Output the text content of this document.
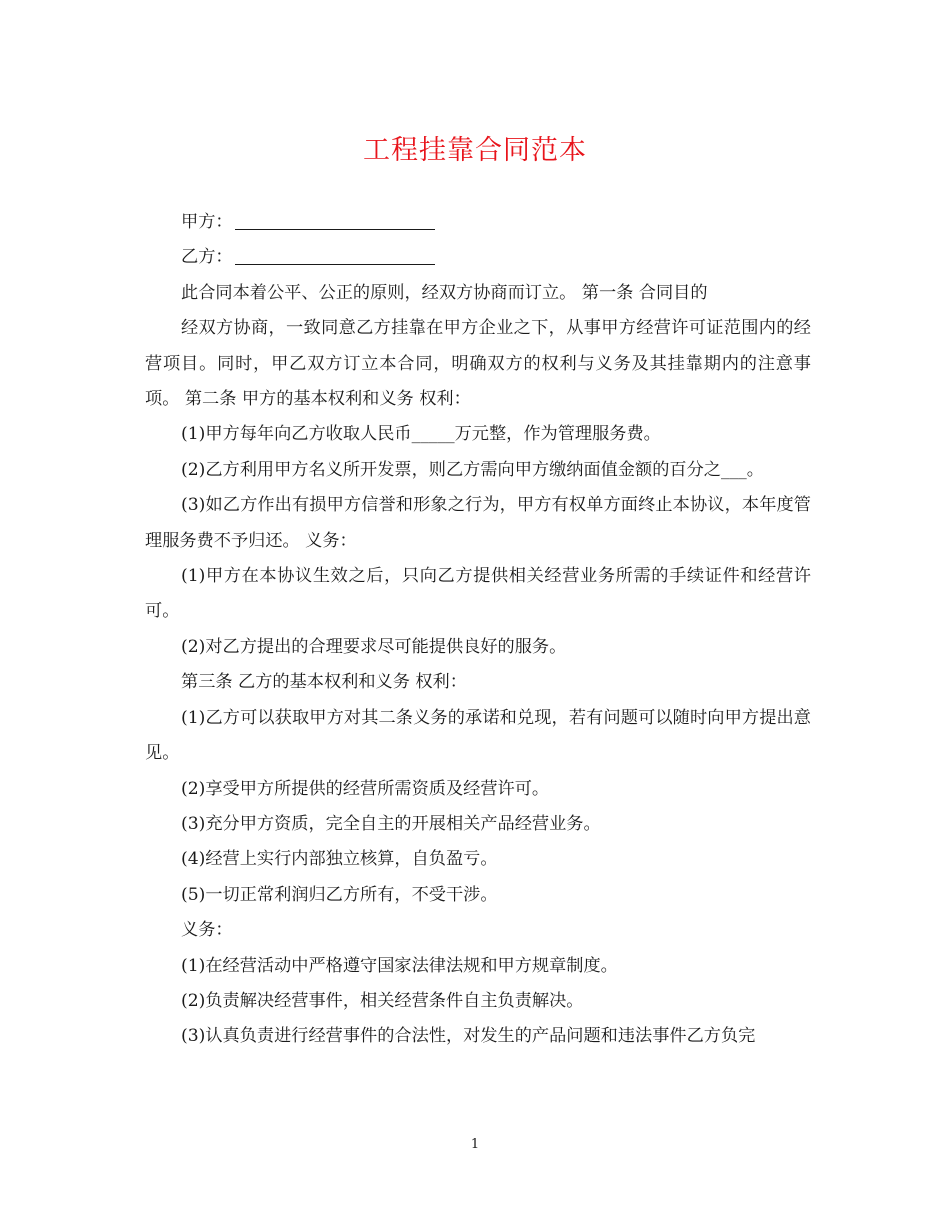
工程挂靠合同范本

甲方：

乙方：

此合同本着公平、公正的原则，经双方协商而订立。 第一条 合同目的

经双方协商，一致同意乙方挂靠在甲方企业之下，从事甲方经营许可证范围内的经营项目。同时，甲乙双方订立本合同，明确双方的权利与义务及其挂靠期内的注意事项。 第二条 甲方的基本权利和义务 权利：

(1)甲方每年向乙方收取人民币_____万元整，作为管理服务费。

(2)乙方利用甲方名义所开发票，则乙方需向甲方缴纳面值金额的百分之___。

(3)如乙方作出有损甲方信誉和形象之行为，甲方有权单方面终止本协议，本年度管理服务费不予归还。 义务：

(1)甲方在本协议生效之后，只向乙方提供相关经营业务所需的手续证件和经营许可。

(2)对乙方提出的合理要求尽可能提供良好的服务。

第三条 乙方的基本权利和义务 权利：

(1)乙方可以获取甲方对其二条义务的承诺和兑现，若有问题可以随时向甲方提出意见。

(2)享受甲方所提供的经营所需资质及经营许可。

(3)充分甲方资质，完全自主的开展相关产品经营业务。

(4)经营上实行内部独立核算，自负盈亏。

(5)一切正常利润归乙方所有，不受干涉。

义务：

(1)在经营活动中严格遵守国家法律法规和甲方规章制度。

(2)负责解决经营事件，相关经营条件自主负责解决。

(3)认真负责进行经营事件的合法性，对发生的产品问题和违法事件乙方负完

1
